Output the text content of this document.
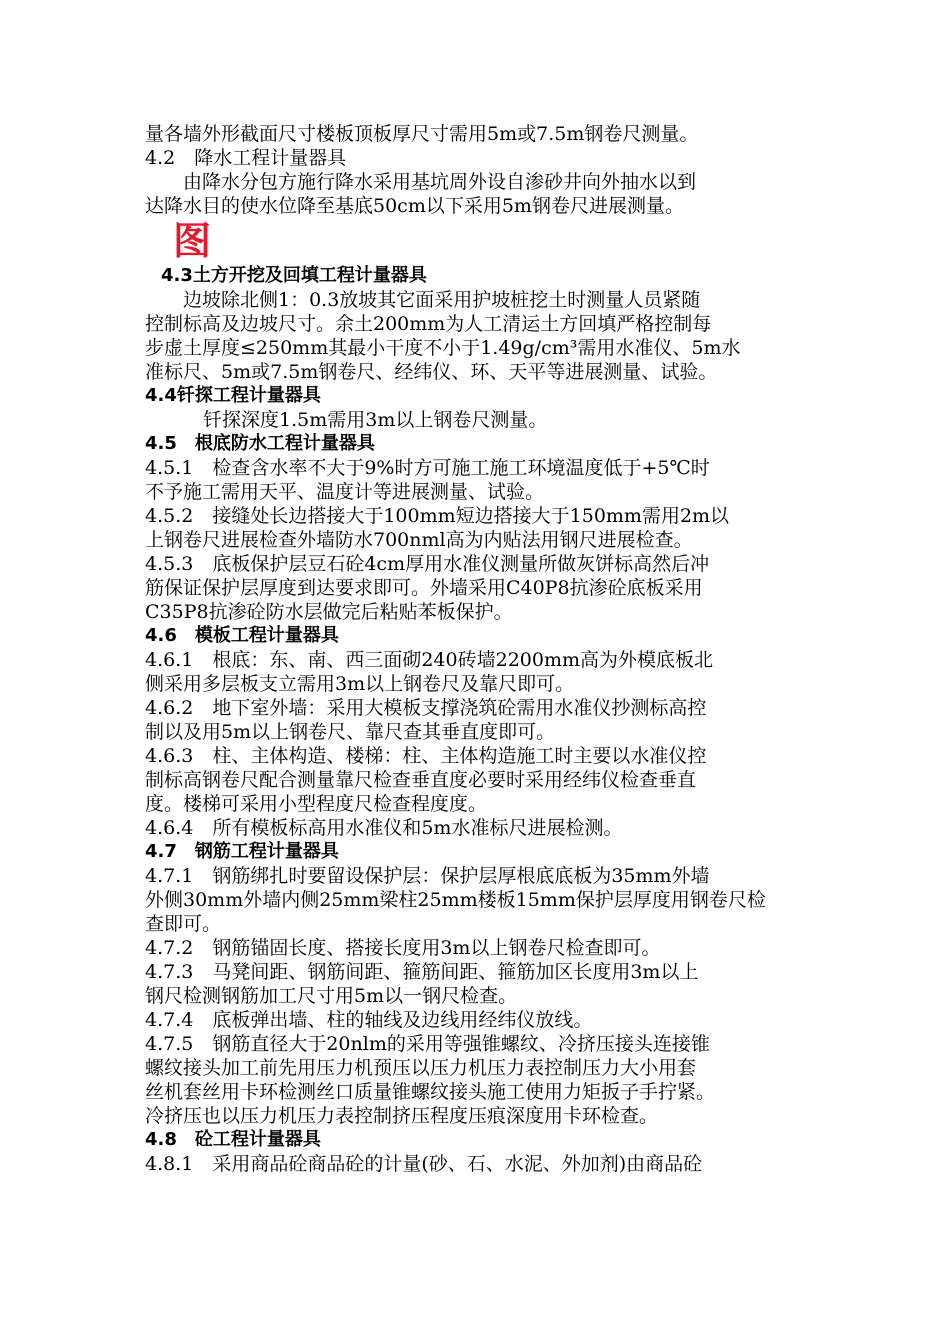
量各墙外形截面尺寸楼板顶板厚尺寸需用5m或7.5m钢卷尺测量。
4.2　降水工程计量器具
由降水分包方施行降水采用基坑周外设自渗砂井向外抽水以到
达降水目的使水位降至基底50cm以下采用5m钢卷尺进展测量。
图
4.3土方开挖及回填工程计量器具
边坡除北侧1：0.3放坡其它面采用护坡桩挖土时测量人员紧随
控制标高及边坡尺寸。余土200mm为人工清运土方回填严格控制每
步虚土厚度≤250mm其最小干度不小于1.49g/cm³需用水准仪、5m水
准标尺、5m或7.5m钢卷尺、经纬仪、环、天平等进展测量、试验。
4.4钎探工程计量器具
钎探深度1.5m需用3m以上钢卷尺测量。
4.5　根底防水工程计量器具
4.5.1　检查含水率不大于9%时方可施工施工环境温度低于+5℃时
不予施工需用天平、温度计等进展测量、试验。
4.5.2　接缝处长边搭接大于100mm短边搭接大于150mm需用2m以
上钢卷尺进展检查外墙防水700nml高为内贴法用钢尺进展检查。
4.5.3　底板保护层豆石砼4cm厚用水准仪测量所做灰饼标高然后冲
筋保证保护层厚度到达要求即可。外墙采用C40P8抗渗砼底板采用
C35P8抗渗砼防水层做完后粘贴苯板保护。
4.6　模板工程计量器具
4.6.1　根底：东、南、西三面砌240砖墙2200mm高为外模底板北
侧采用多层板支立需用3m以上钢卷尺及靠尺即可。
4.6.2　地下室外墙：采用大模板支撑浇筑砼需用水准仪抄测标高控
制以及用5m以上钢卷尺、靠尺查其垂直度即可。
4.6.3　柱、主体构造、楼梯：柱、主体构造施工时主要以水准仪控
制标高钢卷尺配合测量靠尺检查垂直度必要时采用经纬仪检查垂直
度。楼梯可采用小型程度尺检查程度度。
4.6.4　所有模板标高用水准仪和5m水准标尺进展检测。
4.7　钢筋工程计量器具
4.7.1　钢筋绑扎时要留设保护层：保护层厚根底底板为35mm外墙
外侧30mm外墙内侧25mm梁柱25mm楼板15mm保护层厚度用钢卷尺检
查即可。
4.7.2　钢筋锚固长度、搭接长度用3m以上钢卷尺检查即可。
4.7.3　马凳间距、钢筋间距、箍筋间距、箍筋加区长度用3m以上
钢尺检测钢筋加工尺寸用5m以一钢尺检查。
4.7.4　底板弹出墙、柱的轴线及边线用经纬仪放线。
4.7.5　钢筋直径大于20nlm的采用等强锥螺纹、冷挤压接头连接锥
螺纹接头加工前先用压力机预压以压力机压力表控制压力大小用套
丝机套丝用卡环检测丝口质量锥螺纹接头施工使用力矩扳子手拧紧。
冷挤压也以压力机压力表控制挤压程度压痕深度用卡环检查。
4.8　砼工程计量器具
4.8.1　采用商品砼商品砼的计量(砂、石、水泥、外加剂)由商品砼
